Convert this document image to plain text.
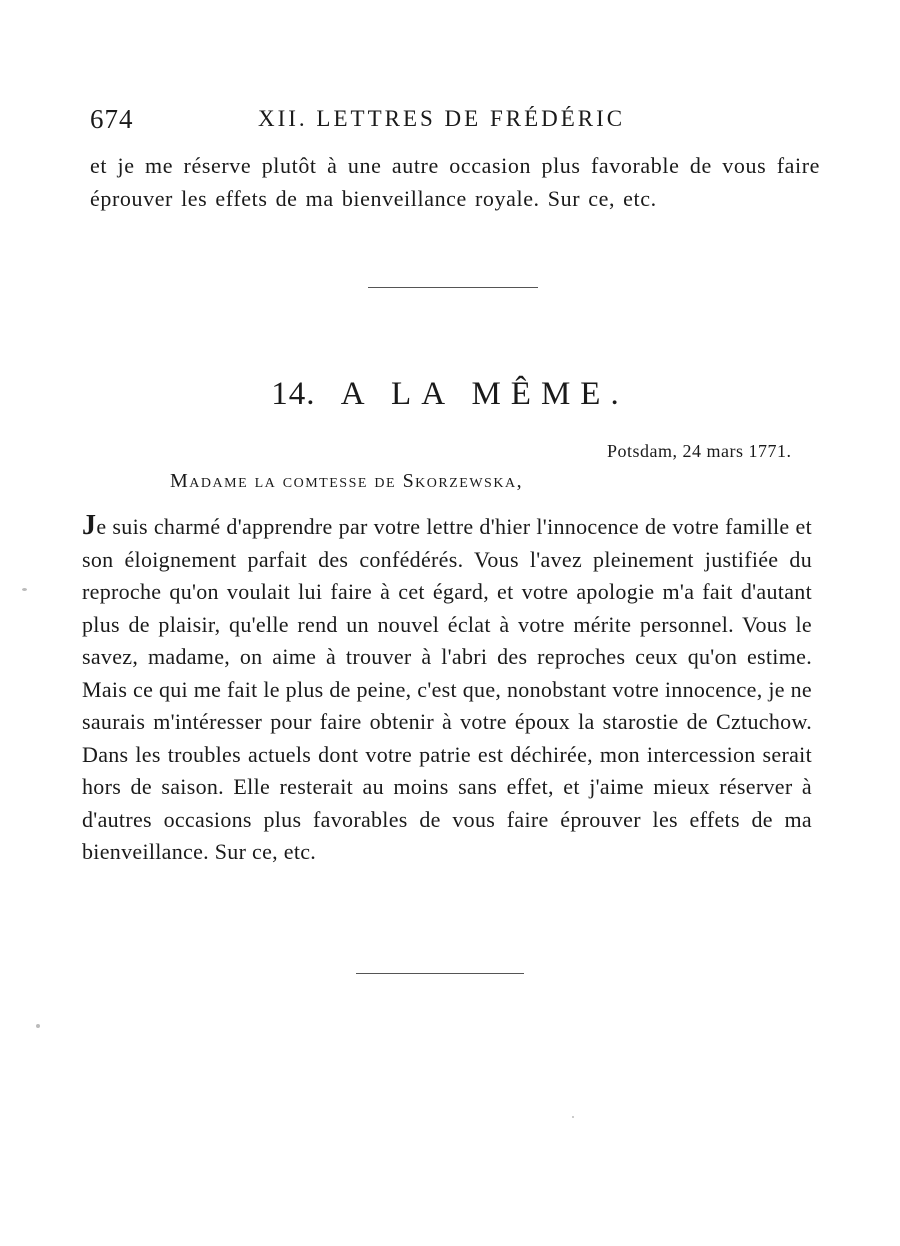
674	XII. LETTRES DE FRÉDÉRIC

et je me réserve plutôt à une autre occasion plus favorable de vous faire éprouver les effets de ma bienveillance royale. Sur ce, etc.

14. A LA MÊME.
Potsdam, 24 mars 1771.
Madame la comtesse de Skorzewska,

Je suis charmé d'apprendre par votre lettre d'hier l'innocence de votre famille et son éloignement parfait des confédérés. Vous l'avez pleinement justifiée du reproche qu'on voulait lui faire à cet égard, et votre apologie m'a fait d'autant plus de plaisir, qu'elle rend un nouvel éclat à votre mérite personnel. Vous le savez, madame, on aime à trouver à l'abri des reproches ceux qu'on estime. Mais ce qui me fait le plus de peine, c'est que, nonobstant votre innocence, je ne saurais m'intéresser pour faire obtenir à votre époux la starostie de Cztuchow. Dans les troubles actuels dont votre patrie est déchirée, mon intercession serait hors de saison. Elle resterait au moins sans effet, et j'aime mieux réserver à d'autres occasions plus favorables de vous faire éprouver les effets de ma bienveillance. Sur ce, etc.
